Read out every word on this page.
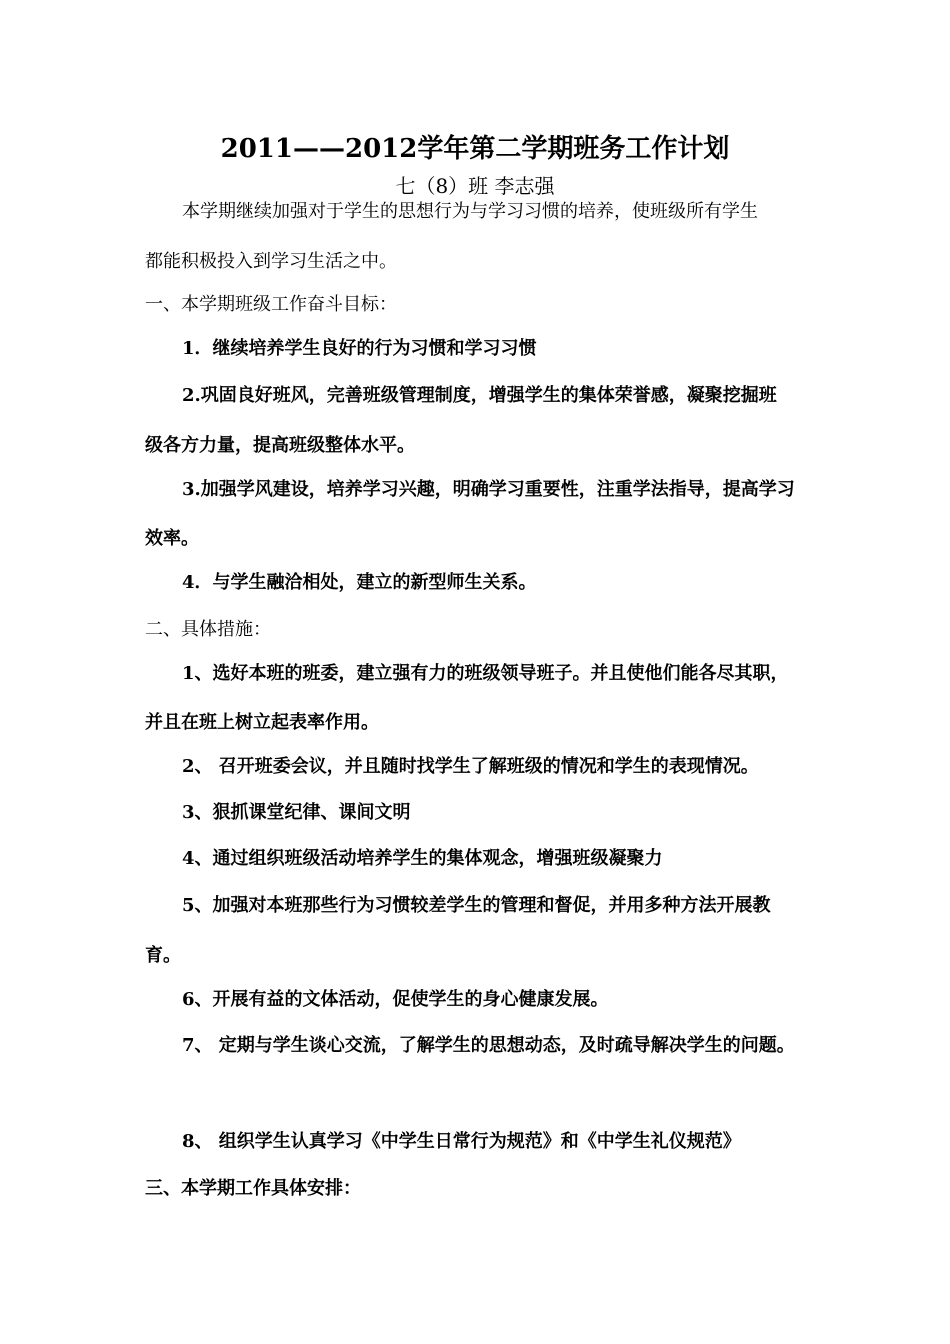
2011——2012学年第二学期班务工作计划
七（8）班 李志强
本学期继续加强对于学生的思想行为与学习习惯的培养，使班级所有学生
都能积极投入到学习生活之中。
一、本学期班级工作奋斗目标：
1．继续培养学生良好的行为习惯和学习习惯
2.巩固良好班风，完善班级管理制度，增强学生的集体荣誉感，凝聚挖掘班
级各方力量，提高班级整体水平。
3.加强学风建设，培养学习兴趣，明确学习重要性，注重学法指导，提高学习
效率。
4．与学生融洽相处，建立的新型师生关系。
二、具体措施：
1、选好本班的班委，建立强有力的班级领导班子。并且使他们能各尽其职，
并且在班上树立起表率作用。
2、 召开班委会议，并且随时找学生了解班级的情况和学生的表现情况。
3、狠抓课堂纪律、课间文明
4、通过组织班级活动培养学生的集体观念，增强班级凝聚力
5、加强对本班那些行为习惯较差学生的管理和督促，并用多种方法开展教
育。
6、开展有益的文体活动，促使学生的身心健康发展。
7、 定期与学生谈心交流，了解学生的思想动态，及时疏导解决学生的问题。
8、 组织学生认真学习《中学生日常行为规范》和《中学生礼仪规范》
三、本学期工作具体安排：
